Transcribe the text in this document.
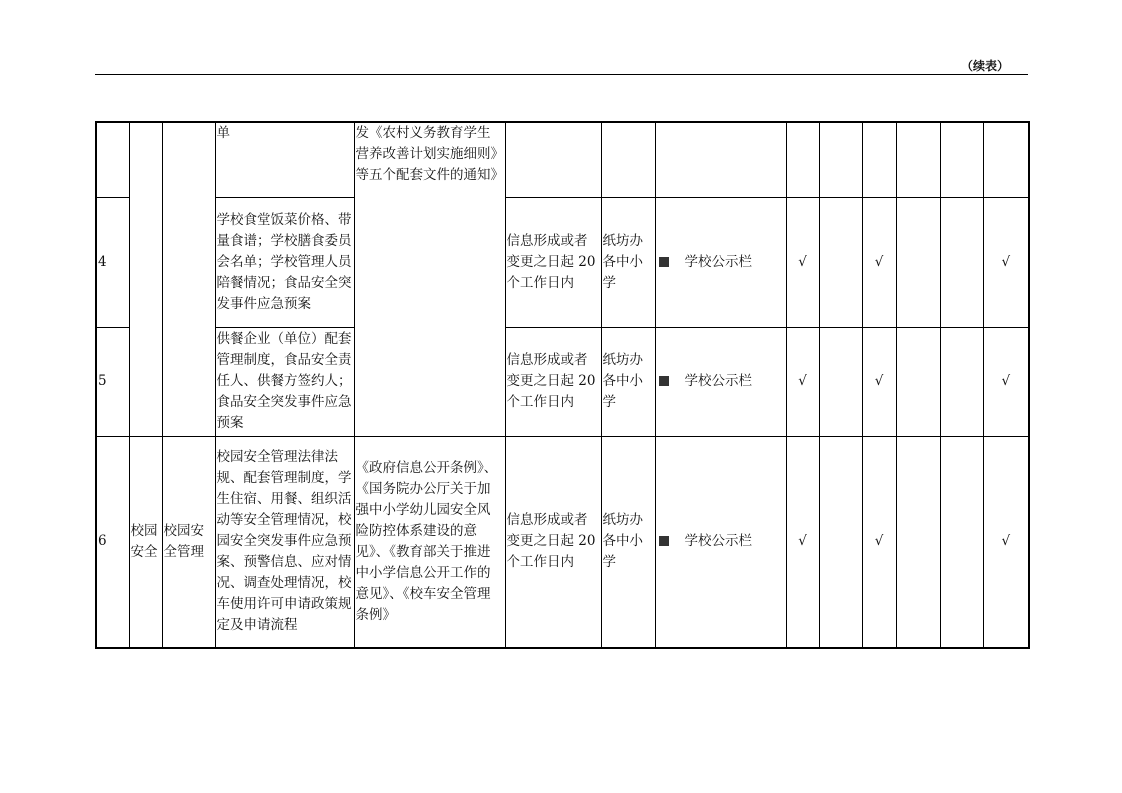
（续表）
			单	发《农村义务教育学生营养改善计划实施细则》等五个配套文件的通知》									
4			学校食堂饭菜价格、带量食谱；学校膳食委员会名单；学校管理人员陪餐情况；食品安全突发事件应急预案		信息形成或者变更之日起 20 个工作日内	纸坊办各中小学	学校公示栏	√		√			√
5			供餐企业（单位）配套管理制度，食品安全责任人、供餐方签约人；食品安全突发事件应急预案		信息形成或者变更之日起 20 个工作日内	纸坊办各中小学	学校公示栏	√		√			√
6	校园安全	校园安全管理	校园安全管理法律法规、配套管理制度，学生住宿、用餐、组织活动等安全管理情况，校园安全突发事件应急预案、预警信息、应对情况、调查处理情况，校车使用许可申请政策规定及申请流程	《政府信息公开条例》、《国务院办公厅关于加强中小学幼儿园安全风险防控体系建设的意见》、《教育部关于推进中小学信息公开工作的意见》、《校车安全管理条例》	信息形成或者变更之日起 20 个工作日内	纸坊办各中小学	学校公示栏	√		√			√
